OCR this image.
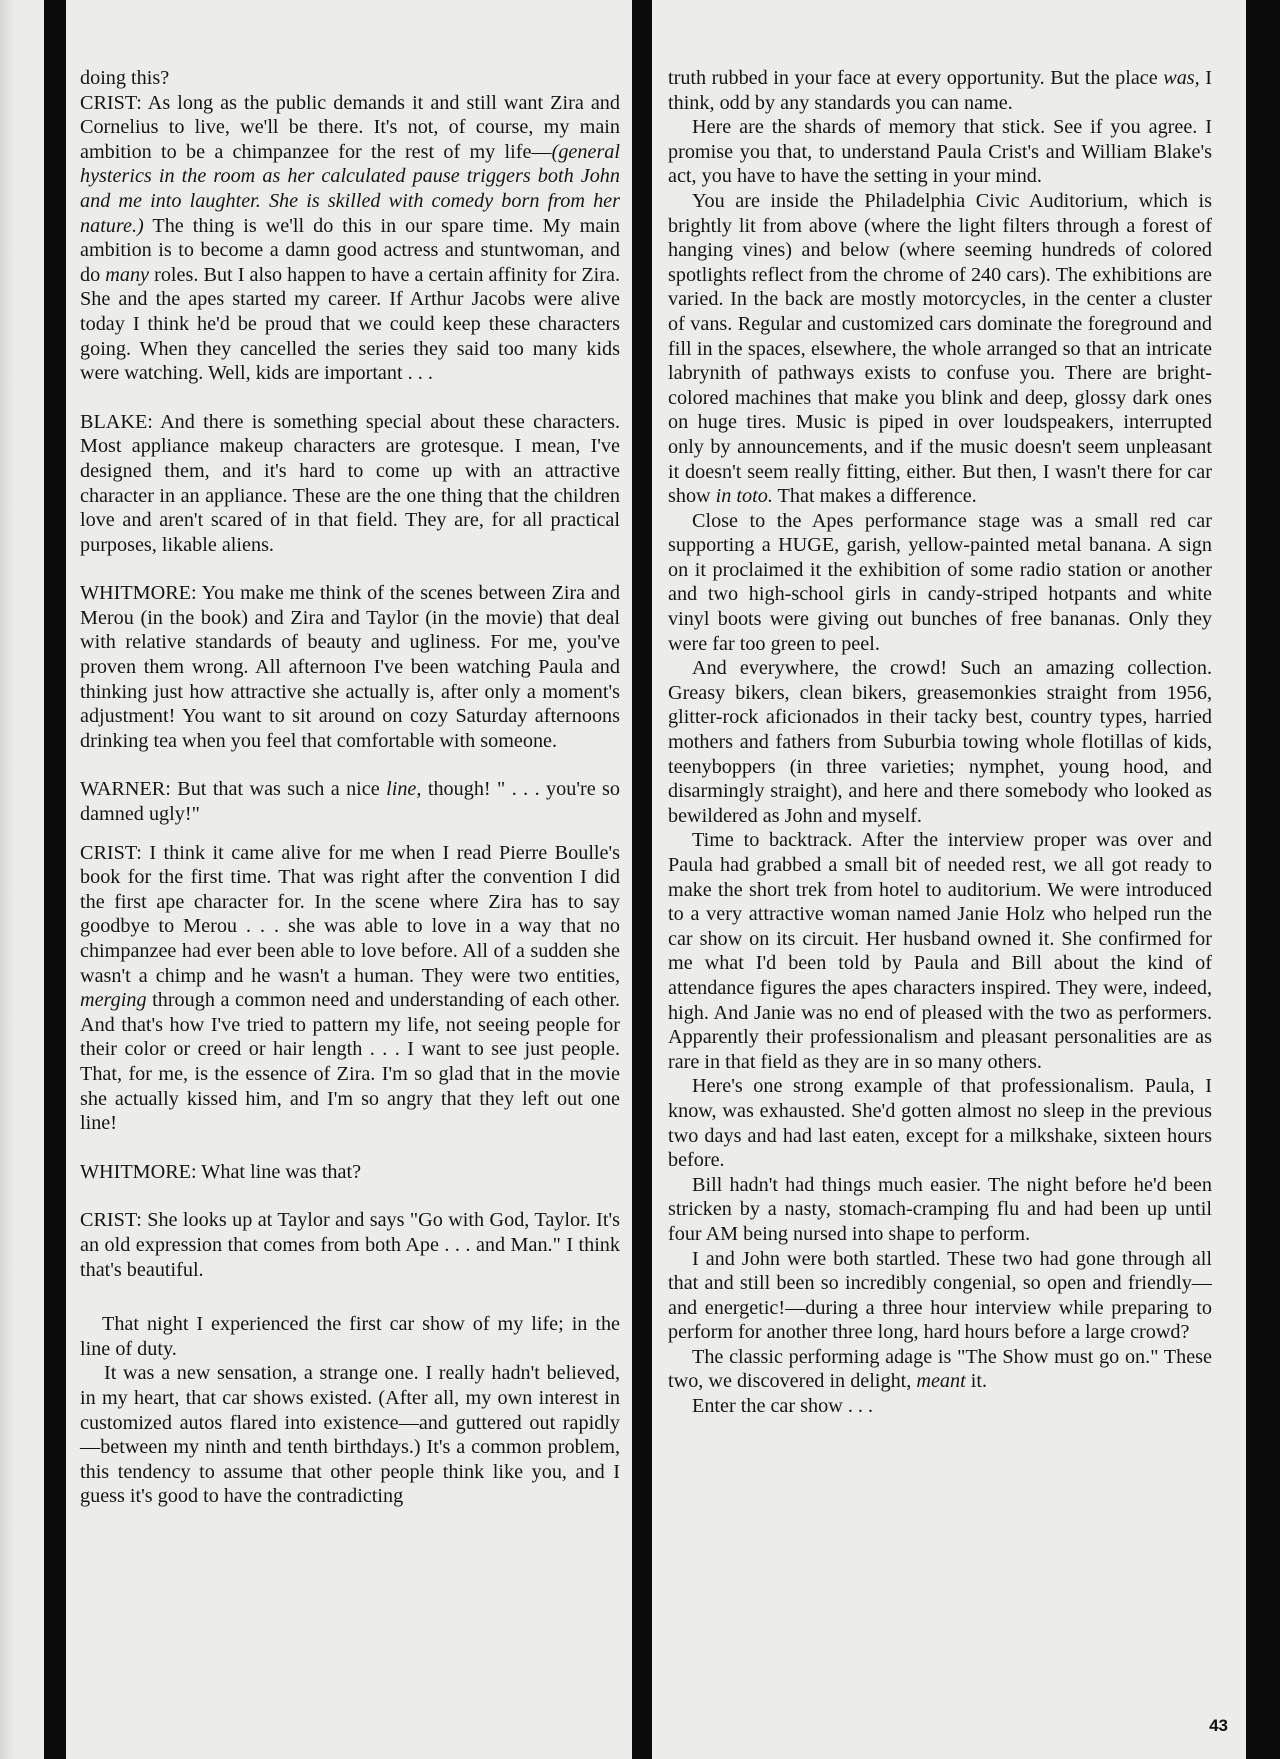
doing this?

CRIST: As long as the public demands it and still want Zira and Cornelius to live, we'll be there. It's not, of course, my main ambition to be a chimpanzee for the rest of my life—(general hysterics in the room as her calculated pause triggers both John and me into laughter. She is skilled with comedy born from her nature.) The thing is we'll do this in our spare time. My main ambition is to become a damn good actress and stuntwoman, and do many roles. But I also happen to have a certain affinity for Zira. She and the apes started my career. If Arthur Jacobs were alive today I think he'd be proud that we could keep these characters going. When they cancelled the series they said too many kids were watching. Well, kids are important . . .

BLAKE: And there is something special about these characters. Most appliance makeup characters are grotesque. I mean, I've designed them, and it's hard to come up with an attractive character in an appliance. These are the one thing that the children love and aren't scared of in that field. They are, for all practical purposes, likable aliens.

WHITMORE: You make me think of the scenes between Zira and Merou (in the book) and Zira and Taylor (in the movie) that deal with relative standards of beauty and ugliness. For me, you've proven them wrong. All afternoon I've been watching Paula and thinking just how attractive she actually is, after only a moment's adjustment! You want to sit around on cozy Saturday afternoons drinking tea when you feel that comfortable with someone.

WARNER: But that was such a nice line, though! " . . . you're so damned ugly!"

CRIST: I think it came alive for me when I read Pierre Boulle's book for the first time. That was right after the convention I did the first ape character for. In the scene where Zira has to say goodbye to Merou . . . she was able to love in a way that no chimpanzee had ever been able to love before. All of a sudden she wasn't a chimp and he wasn't a human. They were two entities, merging through a common need and understanding of each other. And that's how I've tried to pattern my life, not seeing people for their color or creed or hair length . . . I want to see just people. That, for me, is the essence of Zira. I'm so glad that in the movie she actually kissed him, and I'm so angry that they left out one line!

WHITMORE: What line was that?

CRIST: She looks up at Taylor and says "Go with God, Taylor. It's an old expression that comes from both Ape . . . and Man." I think that's beautiful.

That night I experienced the first car show of my life; in the line of duty.

It was a new sensation, a strange one. I really hadn't believed, in my heart, that car shows existed. (After all, my own interest in customized autos flared into existence—and guttered out rapidly—between my ninth and tenth birthdays.) It's a common problem, this tendency to assume that other people think like you, and I guess it's good to have the contradicting

truth rubbed in your face at every opportunity. But the place was, I think, odd by any standards you can name.

Here are the shards of memory that stick. See if you agree. I promise you that, to understand Paula Crist's and William Blake's act, you have to have the setting in your mind.

You are inside the Philadelphia Civic Auditorium, which is brightly lit from above (where the light filters through a forest of hanging vines) and below (where seeming hundreds of colored spotlights reflect from the chrome of 240 cars). The exhibitions are varied. In the back are mostly motorcycles, in the center a cluster of vans. Regular and customized cars dominate the foreground and fill in the spaces, elsewhere, the whole arranged so that an intricate labrynith of pathways exists to confuse you. There are bright-colored machines that make you blink and deep, glossy dark ones on huge tires. Music is piped in over loudspeakers, interrupted only by announcements, and if the music doesn't seem unpleasant it doesn't seem really fitting, either. But then, I wasn't there for car show in toto. That makes a difference.

Close to the Apes performance stage was a small red car supporting a HUGE, garish, yellow-painted metal banana. A sign on it proclaimed it the exhibition of some radio station or another and two high-school girls in candy-striped hotpants and white vinyl boots were giving out bunches of free bananas. Only they were far too green to peel.

And everywhere, the crowd! Such an amazing collection. Greasy bikers, clean bikers, greasemonkies straight from 1956, glitter-rock aficionados in their tacky best, country types, harried mothers and fathers from Suburbia towing whole flotillas of kids, teenyboppers (in three varieties; nymphet, young hood, and disarmingly straight), and here and there somebody who looked as bewildered as John and myself.

Time to backtrack. After the interview proper was over and Paula had grabbed a small bit of needed rest, we all got ready to make the short trek from hotel to auditorium. We were introduced to a very attractive woman named Janie Holz who helped run the car show on its circuit. Her husband owned it. She confirmed for me what I'd been told by Paula and Bill about the kind of attendance figures the apes characters inspired. They were, indeed, high. And Janie was no end of pleased with the two as performers. Apparently their professionalism and pleasant personalities are as rare in that field as they are in so many others.

Here's one strong example of that professionalism. Paula, I know, was exhausted. She'd gotten almost no sleep in the previous two days and had last eaten, except for a milkshake, sixteen hours before.

Bill hadn't had things much easier. The night before he'd been stricken by a nasty, stomach-cramping flu and had been up until four AM being nursed into shape to perform.

I and John were both startled. These two had gone through all that and still been so incredibly congenial, so open and friendly—and energetic!—during a three hour interview while preparing to perform for another three long, hard hours before a large crowd?

The classic performing adage is "The Show must go on." These two, we discovered in delight, meant it.

Enter the car show . . .

43
